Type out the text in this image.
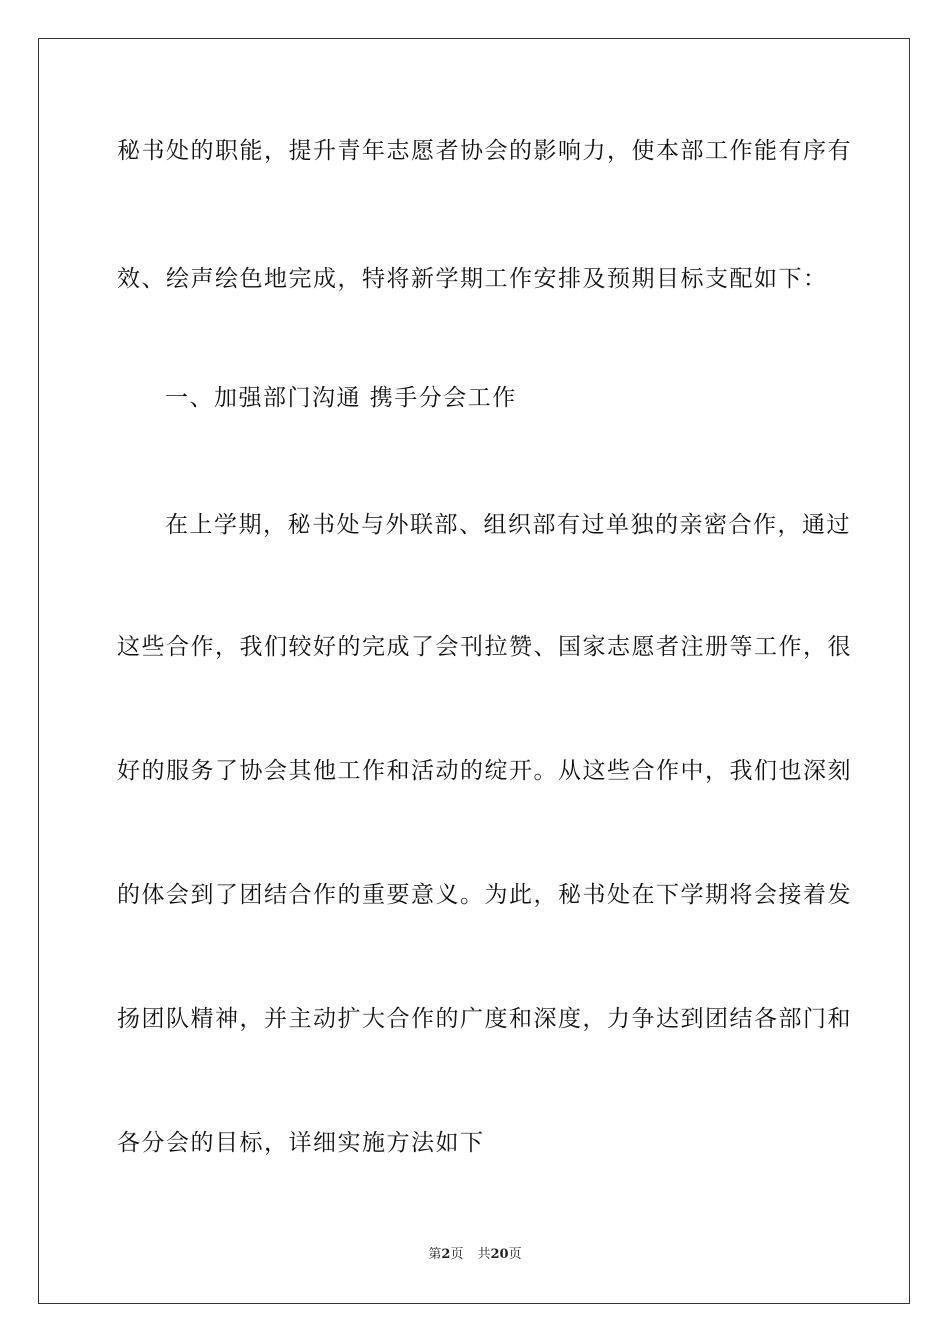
秘书处的职能，提升青年志愿者协会的影响力，使本部工作能有序有
效、绘声绘色地完成，特将新学期工作安排及预期目标支配如下：
一、加强部门沟通 携手分会工作
在上学期，秘书处与外联部、组织部有过单独的亲密合作，通过
这些合作，我们较好的完成了会刊拉赞、国家志愿者注册等工作，很
好的服务了协会其他工作和活动的绽开。从这些合作中，我们也深刻
的体会到了团结合作的重要意义。为此，秘书处在下学期将会接着发
扬团队精神，并主动扩大合作的广度和深度，力争达到团结各部门和
各分会的目标，详细实施方法如下
第2页 共20页
